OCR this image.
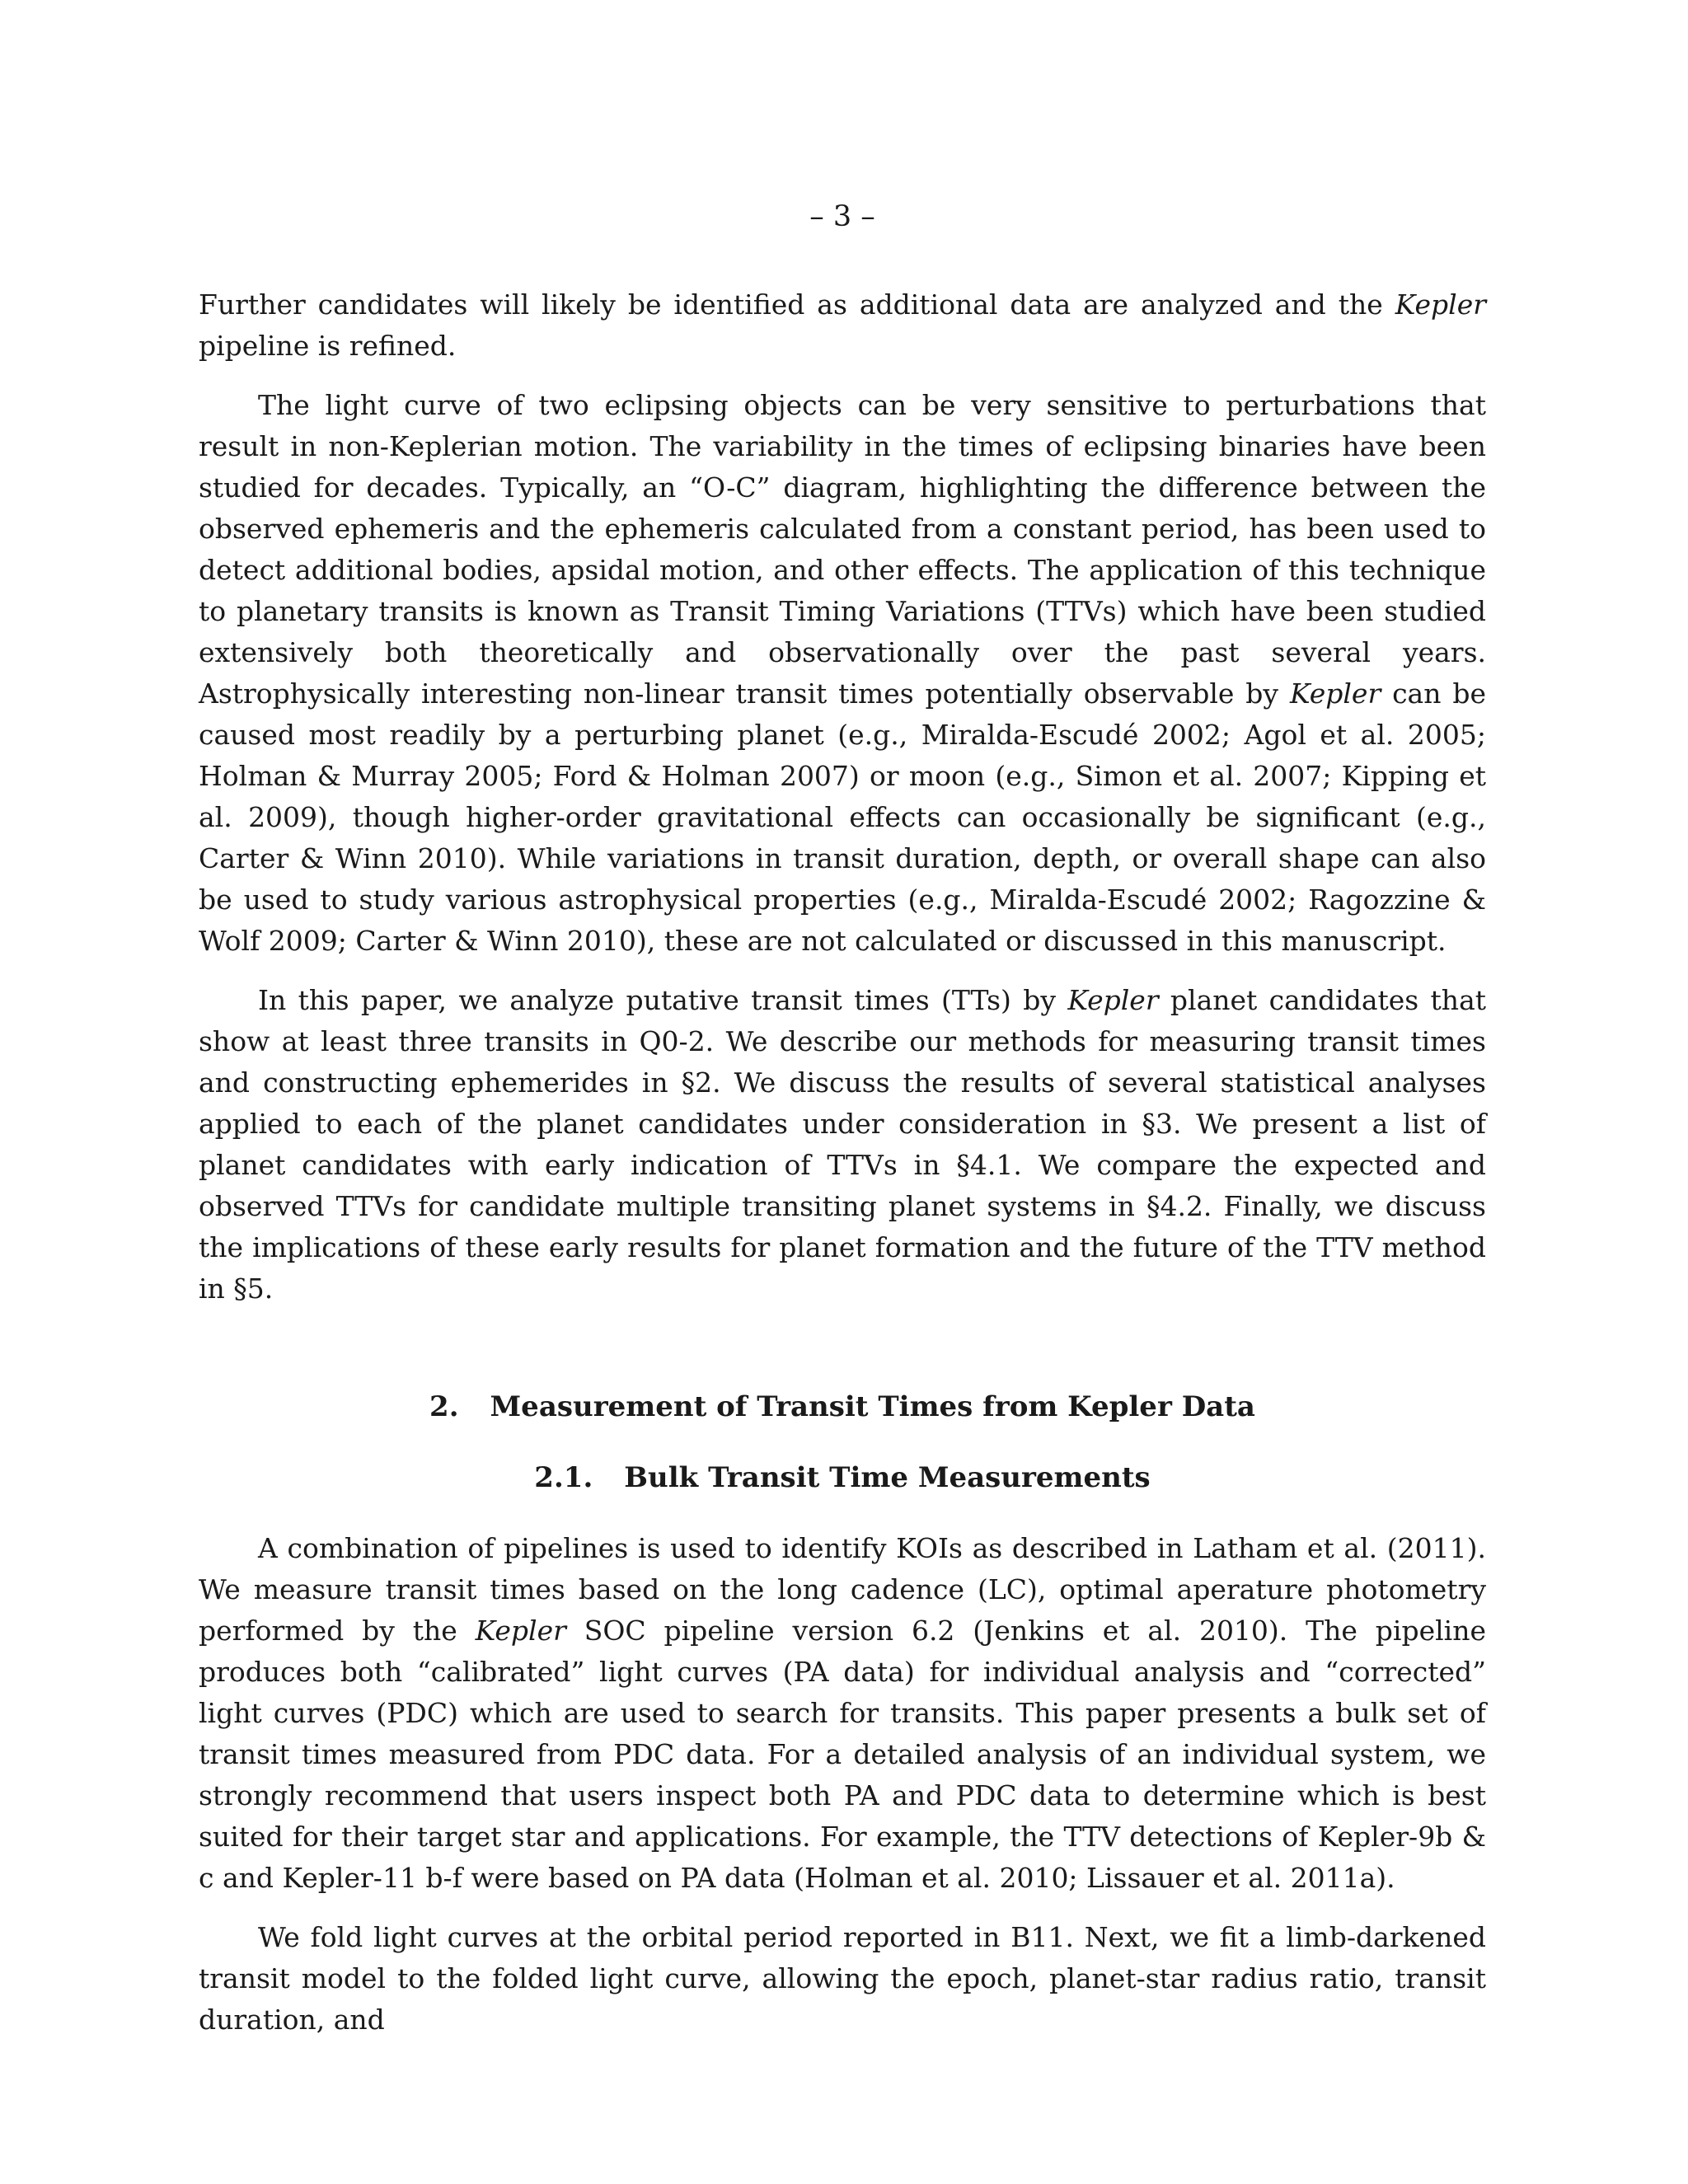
– 3 –

Further candidates will likely be identified as additional data are analyzed and the Kepler pipeline is refined.

The light curve of two eclipsing objects can be very sensitive to perturbations that result in non-Keplerian motion. The variability in the times of eclipsing binaries have been studied for decades. Typically, an “O-C” diagram, highlighting the difference between the observed ephemeris and the ephemeris calculated from a constant period, has been used to detect additional bodies, apsidal motion, and other effects. The application of this technique to planetary transits is known as Transit Timing Variations (TTVs) which have been studied extensively both theoretically and observationally over the past several years. Astrophysically interesting non-linear transit times potentially observable by Kepler can be caused most readily by a perturbing planet (e.g., Miralda-Escudé 2002; Agol et al. 2005; Holman & Murray 2005; Ford & Holman 2007) or moon (e.g., Simon et al. 2007; Kipping et al. 2009), though higher-order gravitational effects can occasionally be significant (e.g., Carter & Winn 2010). While variations in transit duration, depth, or overall shape can also be used to study various astrophysical properties (e.g., Miralda-Escudé 2002; Ragozzine & Wolf 2009; Carter & Winn 2010), these are not calculated or discussed in this manuscript.

In this paper, we analyze putative transit times (TTs) by Kepler planet candidates that show at least three transits in Q0-2. We describe our methods for measuring transit times and constructing ephemerides in §2. We discuss the results of several statistical analyses applied to each of the planet candidates under consideration in §3. We present a list of planet candidates with early indication of TTVs in §4.1. We compare the expected and observed TTVs for candidate multiple transiting planet systems in §4.2. Finally, we discuss the implications of these early results for planet formation and the future of the TTV method in §5.

2. Measurement of Transit Times from Kepler Data
2.1. Bulk Transit Time Measurements

A combination of pipelines is used to identify KOIs as described in Latham et al. (2011). We measure transit times based on the long cadence (LC), optimal aperature photometry performed by the Kepler SOC pipeline version 6.2 (Jenkins et al. 2010). The pipeline produces both “calibrated” light curves (PA data) for individual analysis and “corrected” light curves (PDC) which are used to search for transits. This paper presents a bulk set of transit times measured from PDC data. For a detailed analysis of an individual system, we strongly recommend that users inspect both PA and PDC data to determine which is best suited for their target star and applications. For example, the TTV detections of Kepler-9b & c and Kepler-11 b-f were based on PA data (Holman et al. 2010; Lissauer et al. 2011a).

We fold light curves at the orbital period reported in B11. Next, we fit a limb-darkened transit model to the folded light curve, allowing the epoch, planet-star radius ratio, transit duration, and
